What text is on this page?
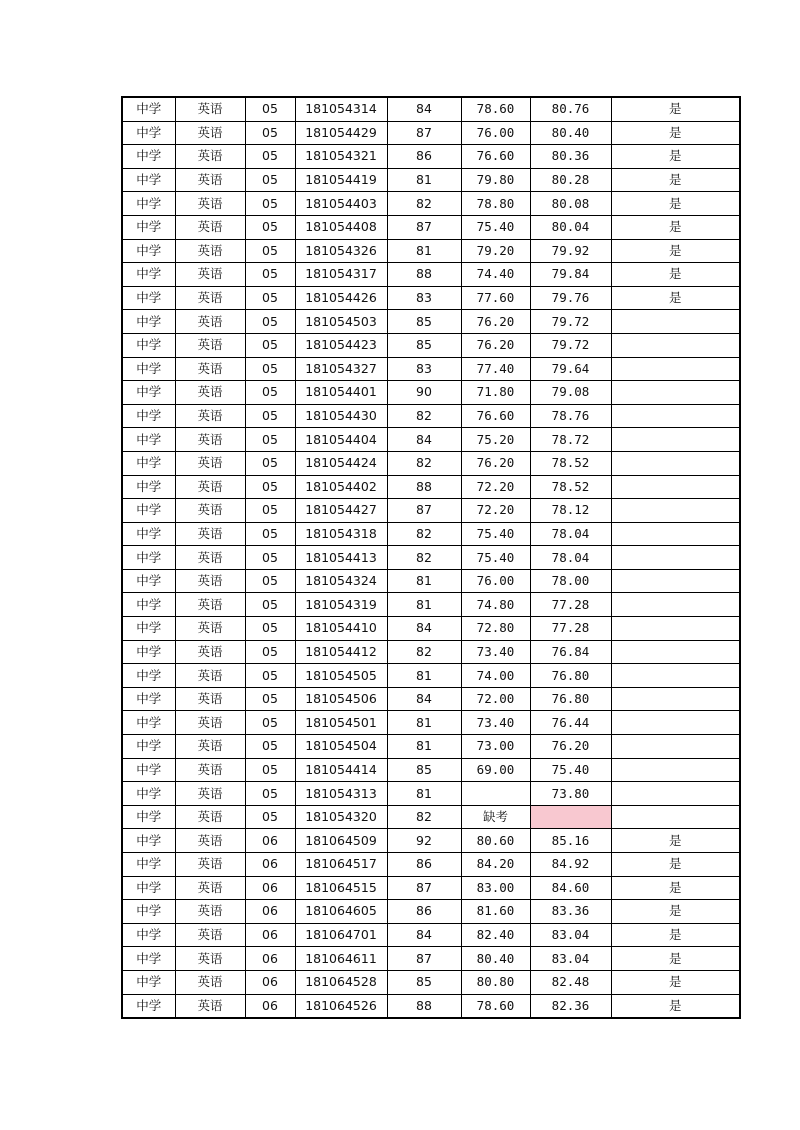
中学	英语	05	181054314	84	78.60	80.76	是
中学	英语	05	181054429	87	76.00	80.40	是
中学	英语	05	181054321	86	76.60	80.36	是
中学	英语	05	181054419	81	79.80	80.28	是
中学	英语	05	181054403	82	78.80	80.08	是
中学	英语	05	181054408	87	75.40	80.04	是
中学	英语	05	181054326	81	79.20	79.92	是
中学	英语	05	181054317	88	74.40	79.84	是
中学	英语	05	181054426	83	77.60	79.76	是
中学	英语	05	181054503	85	76.20	79.72	
中学	英语	05	181054423	85	76.20	79.72	
中学	英语	05	181054327	83	77.40	79.64	
中学	英语	05	181054401	90	71.80	79.08	
中学	英语	05	181054430	82	76.60	78.76	
中学	英语	05	181054404	84	75.20	78.72	
中学	英语	05	181054424	82	76.20	78.52	
中学	英语	05	181054402	88	72.20	78.52	
中学	英语	05	181054427	87	72.20	78.12	
中学	英语	05	181054318	82	75.40	78.04	
中学	英语	05	181054413	82	75.40	78.04	
中学	英语	05	181054324	81	76.00	78.00	
中学	英语	05	181054319	81	74.80	77.28	
中学	英语	05	181054410	84	72.80	77.28	
中学	英语	05	181054412	82	73.40	76.84	
中学	英语	05	181054505	81	74.00	76.80	
中学	英语	05	181054506	84	72.00	76.80	
中学	英语	05	181054501	81	73.40	76.44	
中学	英语	05	181054504	81	73.00	76.20	
中学	英语	05	181054414	85	69.00	75.40	
中学	英语	05	181054313	81		73.80	
中学	英语	05	181054320	82	缺考		
中学	英语	06	181064509	92	80.60	85.16	是
中学	英语	06	181064517	86	84.20	84.92	是
中学	英语	06	181064515	87	83.00	84.60	是
中学	英语	06	181064605	86	81.60	83.36	是
中学	英语	06	181064701	84	82.40	83.04	是
中学	英语	06	181064611	87	80.40	83.04	是
中学	英语	06	181064528	85	80.80	82.48	是
中学	英语	06	181064526	88	78.60	82.36	是
